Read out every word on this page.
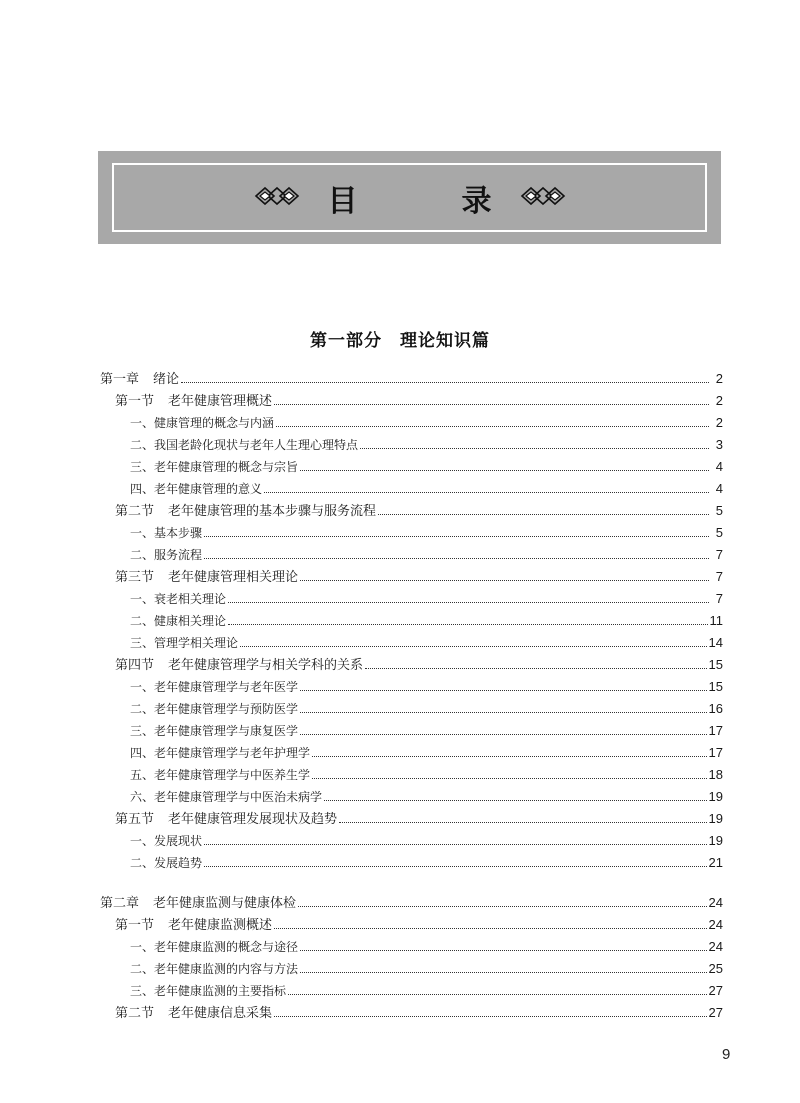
目	录
第一部分　理论知识篇
第一章 绪论	2
第一节 老年健康管理概述	2
一、健康管理的概念与内涵	2
二、我国老龄化现状与老年人生理心理特点	3
三、老年健康管理的概念与宗旨	4
四、老年健康管理的意义	4
第二节 老年健康管理的基本步骤与服务流程	5
一、基本步骤	5
二、服务流程	7
第三节 老年健康管理相关理论	7
一、衰老相关理论	7
二、健康相关理论	11
三、管理学相关理论	14
第四节 老年健康管理学与相关学科的关系	15
一、老年健康管理学与老年医学	15
二、老年健康管理学与预防医学	16
三、老年健康管理学与康复医学	17
四、老年健康管理学与老年护理学	17
五、老年健康管理学与中医养生学	18
六、老年健康管理学与中医治未病学	19
第五节 老年健康管理发展现状及趋势	19
一、发展现状	19
二、发展趋势	21
第二章 老年健康监测与健康体检	24
第一节 老年健康监测概述	24
一、老年健康监测的概念与途径	24
二、老年健康监测的内容与方法	25
三、老年健康监测的主要指标	27
第二节 老年健康信息采集	27
9
